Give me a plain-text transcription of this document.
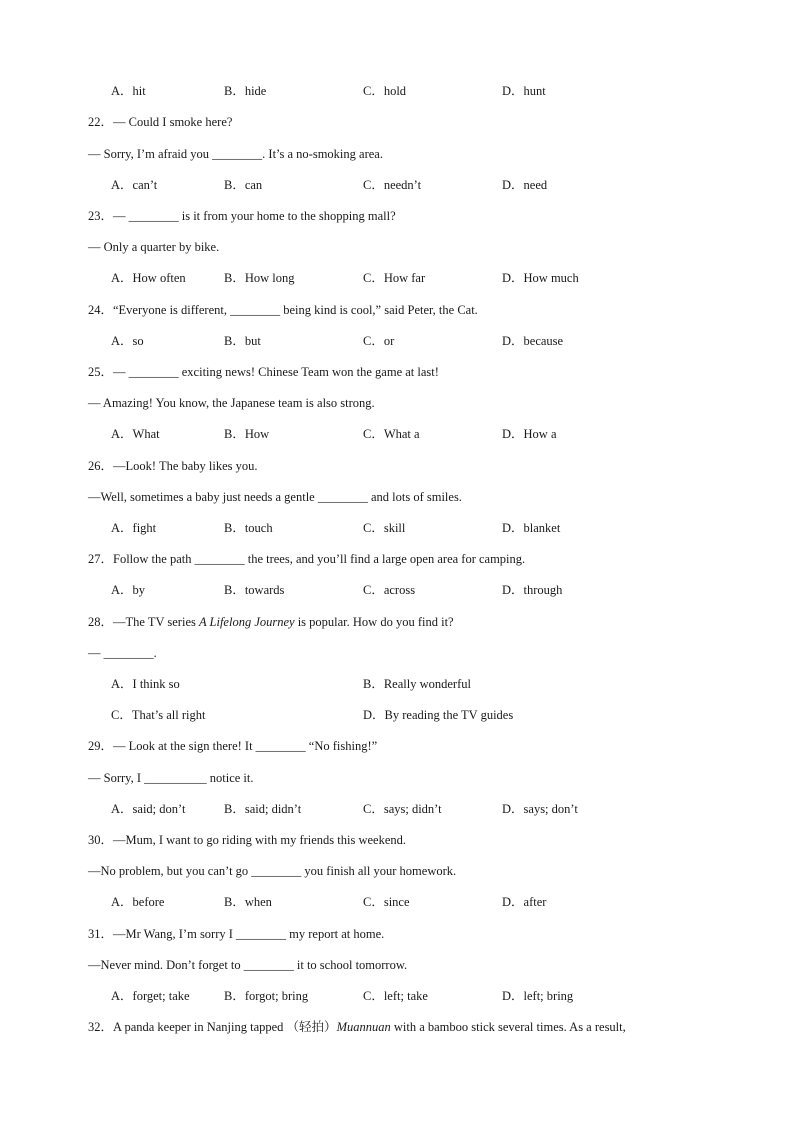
A．hit	B．hide	C．hold	D．hunt
22．— Could I smoke here?
— Sorry, I’m afraid you ________. It’s a no-smoking area.
A．can’t	B．can	C．needn’t	D．need
23．— ________ is it from your home to the shopping mall?
— Only a quarter by bike.
A．How often	B．How long	C．How far	D．How much
24．“Everyone is different, ________ being kind is cool,” said Peter, the Cat.
A．so	B．but	C．or	D．because
25．— ________ exciting news! Chinese Team won the game at last!
— Amazing! You know, the Japanese team is also strong.
A．What	B．How	C．What a	D．How a
26．—Look! The baby likes you.
—Well, sometimes a baby just needs a gentle ________ and lots of smiles.
A．fight	B．touch	C．skill	D．blanket
27．Follow the path ________ the trees, and you’ll find a large open area for camping.
A．by	B．towards	C．across	D．through
28．—The TV series A Lifelong Journey is popular. How do you find it?
— ________.
A．I think so	B．Really wonderful
C．That’s all right	D．By reading the TV guides
29．— Look at the sign there! It ________ “No fishing!”
— Sorry, I __________ notice it.
A．said; don’t	B．said; didn’t	C．says; didn’t	D．says; don’t
30．—Mum, I want to go riding with my friends this weekend.
—No problem, but you can’t go ________ you finish all your homework.
A．before	B．when	C．since	D．after
31．—Mr Wang, I’m sorry I ________ my report at home.
—Never mind. Don’t forget to ________ it to school tomorrow.
A．forget; take	B．forgot; bring	C．left; take	D．left; bring
32．A panda keeper in Nanjing tapped （轻拍）Muannuan with a bamboo stick several times. As a result,
